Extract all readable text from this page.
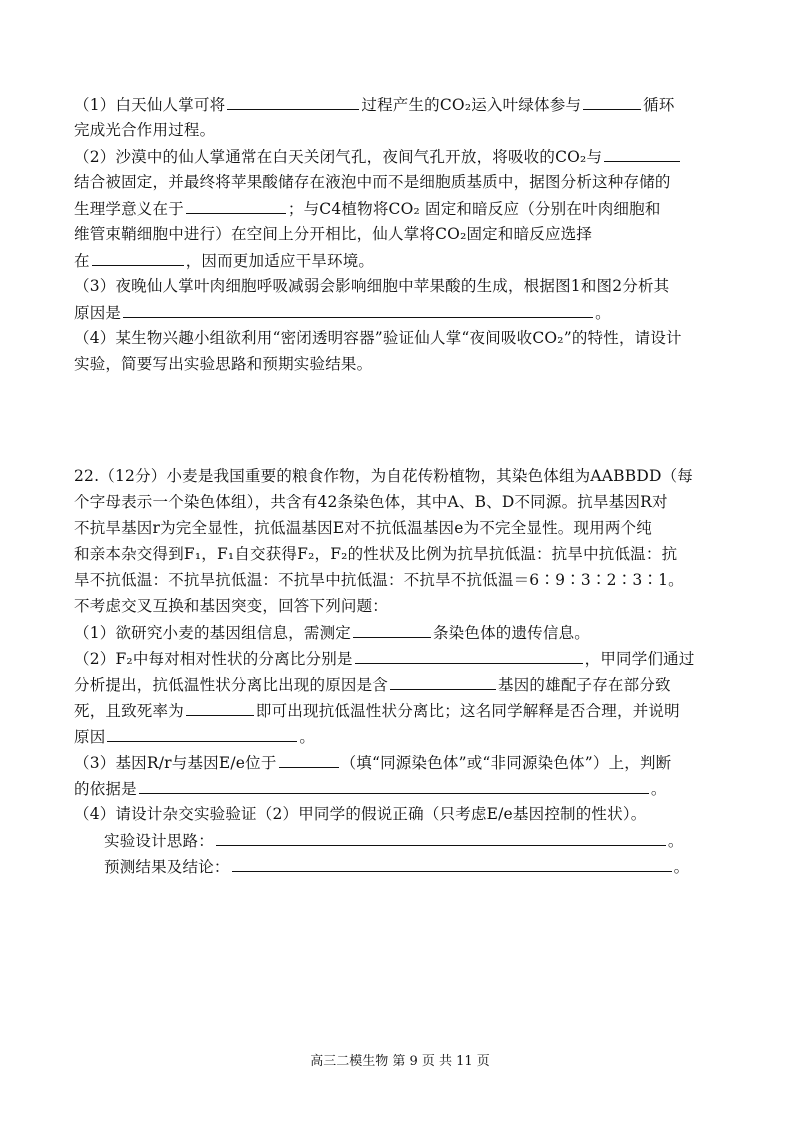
（1）白天仙人掌可将	过程产生的CO₂运入叶绿体参与	循环
完成光合作用过程。
（2）沙漠中的仙人掌通常在白天关闭气孔，夜间气孔开放，将吸收的CO₂与
结合被固定，并最终将苹果酸储存在液泡中而不是细胞质基质中，据图分析这种存储的
生理学意义在于	；与C4植物将CO₂ 固定和暗反应（分别在叶肉细胞和
维管束鞘细胞中进行）在空间上分开相比，仙人掌将CO₂固定和暗反应选择
在	，因而更加适应干旱环境。
（3）夜晚仙人掌叶肉细胞呼吸减弱会影响细胞中苹果酸的生成，根据图1和图2分析其
原因是	。
（4）某生物兴趣小组欲利用“密闭透明容器”验证仙人掌“夜间吸收CO₂”的特性，请设计
实验，简要写出实验思路和预期实验结果。
22.（12分）小麦是我国重要的粮食作物，为自花传粉植物，其染色体组为AABBDD（每
个字母表示一个染色体组），共含有42条染色体，其中A、B、D不同源。抗旱基因R对
不抗旱基因r为完全显性，抗低温基因E对不抗低温基因e为不完全显性。现用两个纯
和亲本杂交得到F₁，F₁自交获得F₂，F₂的性状及比例为抗旱抗低温：抗旱中抗低温：抗
旱不抗低温：不抗旱抗低温：不抗旱中抗低温：不抗旱不抗低温＝6∶9∶3∶2∶3∶1。
不考虑交叉互换和基因突变，回答下列问题：
（1）欲研究小麦的基因组信息，需测定	条染色体的遗传信息。
（2）F₂中每对相对性状的分离比分别是	，甲同学们通过
分析提出，抗低温性状分离比出现的原因是含	基因的雄配子存在部分致
死，且致死率为	即可出现抗低温性状分离比；这名同学解释是否合理，并说明
原因	。
（3）基因R/r与基因E/e位于	（填“同源染色体”或“非同源染色体”）上，判断
的依据是	。
（4）请设计杂交实验验证（2）甲同学的假说正确（只考虑E/e基因控制的性状）。
实验设计思路：	。
预测结果及结论：	。
高三二模生物 第 9 页 共 11 页
